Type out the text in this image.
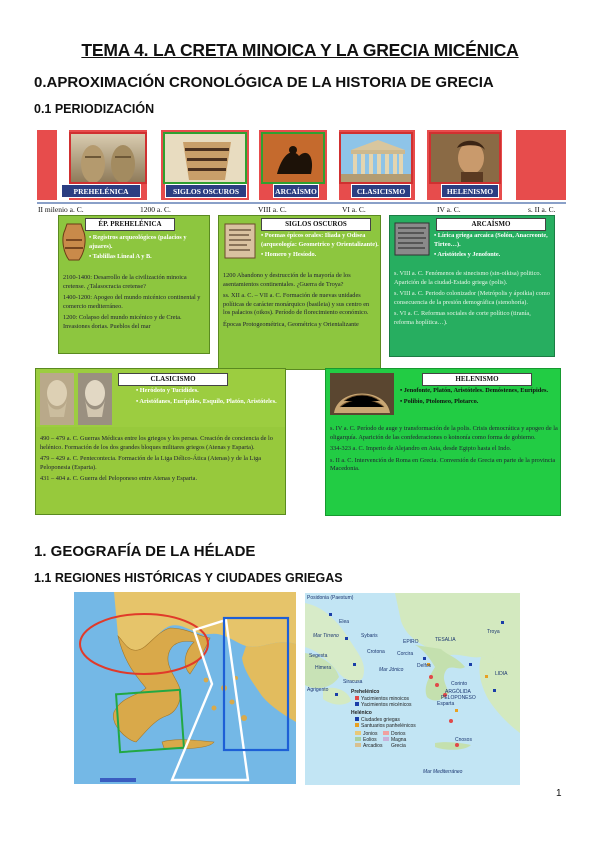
TEMA 4. LA CRETA MINOICA Y LA GRECIA MICÉNICA
0.APROXIMACIÓN CRONOLÓGICA DE LA HISTORIA DE GRECIA
0.1 PERIODIZACIÓN
PREHELÉNICA	SIGLOS OSCUROS	ARCAÍSMO	CLASICISMO	HELENISMO
II milenio a. C.	1200 a. C.	VIII a. C.	VI a. C.	IV a. C.	s. II a. C.
ÉP. PREHELÉNICA
• Registros arqueológicos (palacios y ajuares).
• Tablillas Lineal A y B.

2100-1400: Desarrollo de la civilización minoica cretense. ¿Talasocracia cretense?

1400-1200: Apogeo del mundo micénico continental y comercio mediterráneo.

1200: Colapso del mundo micénico y de Creta. Invasiones dorias. Pueblos del mar

SIGLOS OSCUROS
• Poemas épicos orales: Iliada y Odisea (arqueología: Geometrico y Orientalizante).
• Homero y Hesíodo.

1200 Abandono y destrucción de la mayoría de los asentamientos continentales. ¿Guerra de Troya?

ss. XII a. C. – VII a. C. Formación de nuevas unidades políticas de carácter monárquico (basileia) y sus centro en los palacios (oikos). Período de florecimiento económico.

Épocas Protogeométrica, Geométrica y Orientalizante

ARCAÍSMO
• Lírica griega arcaica (Solón, Anacreonte, Tirteo…).
• Aristóteles y Jenofonte.

s. VIII a. C. Fenómenos de sinecismo (sin-oikisa) politico. Aparición de la ciudad-Estado griega (polis).

s. VIII a. C. Periodo colonizador (Metrópolis y ápoikia) como consecuencia de la presión demográfica (stenohoría).

s. VI a. C. Reformas sociales de corte político (tiranía, reforma hoplítica…).

CLASICISMO
• Heródoto y Tucídides.
• Aristófanes, Eurípides, Esquilo, Platón, Aristóteles.

490 – 479 a. C. Guerras Médicas entre los griegos y los persas. Creación de conciencia de lo helénico. Formación de los dos grandes bloques militares griegos (Atenas y Esparta).

479 – 429 a. C. Pentecontecia. Formación de la Liga Délico-Ática (Atenas) y de la Liga Peloponesia (Esparta).

431 – 404 a. C. Guerra del Peloponeso entre Atenas y Esparta.

HELENISMO
• Jenofonte, Platón, Aristóteles. Demóstenes, Eurípides.
• Polibio, Ptolomeo, Plotarco.

s. IV a. C. Período de auge y transformación de la polis. Crisis democrática y apogeo de la oligarquía. Aparición de las confederaciones o koinonía como forma de gobierno.

334-323 a. C. Imperio de Alejandro en Asia, desde Egipto hasta el Indo.

s. II a. C. Intervención de Roma en Grecia. Conversión de Grecia en parte de la provincia Macedonia.

1. GEOGRAFÍA DE LA HÉLADE
1.1 REGIONES HISTÓRICAS Y CIUDADES GRIEGAS
Posidonia (Paestum)
Elea
Mar Tirreno	Sybaris
Crotona
Segesta
Himera
Siracusa
Agrigento
Mar Jónico
EPIRO
Corcira
TESALIA
Delfos
Troya
LIDIA
Esparta
Corinto
ARGÓLIDA
PELOPONESO
Cnosos
Mar Mediterráneo
Prehelénico
Yacimientos minoicos
Yacimientos micénicos
Helénico
Ciudades griegas
Santuarios panhelénicos
Jonios	Dorios
Eolios	Magna
Arcadios Grecia
1
